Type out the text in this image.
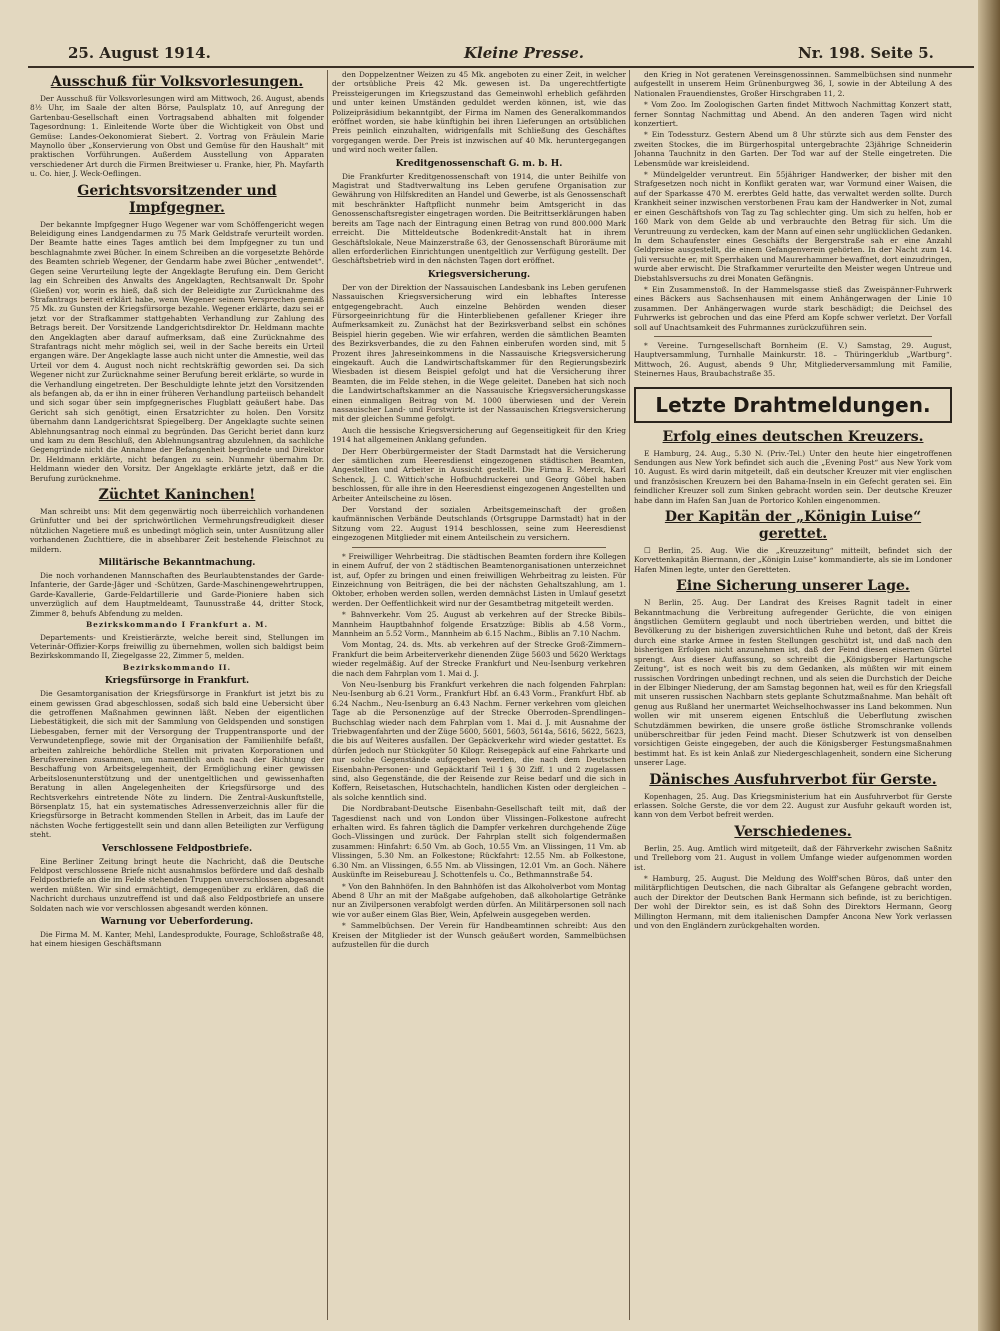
25. August 1914.	Kleine Presse.	Nr. 198. Seite 5.
Ausschuß für Volksvorlesungen.

Der Ausschuß für Volksvorlesungen wird am Mittwoch, 26. August, abends 8½ Uhr, im Saale der alten Börse, Paulsplatz 10, auf Anregung der Gartenbau-Gesellschaft einen Vortragsabend abhalten mit folgender Tagesordnung: 1. Einleitende Worte über die Wichtigkeit von Obst und Gemüse: Landes-Oekonomierat Siebert. 2. Vortrag von Fräulein Marie Maynollo über „Konservierung von Obst und Gemüse für den Haushalt“ mit praktischen Vorführungen. Außerdem Ausstellung von Apparaten verschiedener Art durch die Firmen Breitwieser u. Franke, hier, Ph. Mayfarth u. Co. hier, J. Weck-Oeflingen.

Gerichtsvorsitzender und Impfgegner.

Der bekannte Impfgegner Hugo Wegener war vom Schöffengericht wegen Beleidigung eines Landgendarmen zu 75 Mark Geldstrafe verurteilt worden. Der Beamte hatte eines Tages amtlich bei dem Impfgegner zu tun und beschlagnahmte zwei Bücher. In einem Schreiben an die vorgesetzte Behörde des Beamten schrieb Wegener, der Gendarm habe zwei Bücher „entwendet“. Gegen seine Verurteilung legte der Angeklagte Berufung ein. Dem Gericht lag ein Schreiben des Anwalts des Angeklagten, Rechtsanwalt Dr. Spohr (Gießen) vor, worin es hieß, daß sich der Beleidigte zur Zurücknahme des Strafantrags bereit erklärt habe, wenn Wegener seinem Versprechen gemäß 75 Mk. zu Gunsten der Kriegsfürsorge bezahle. Wegener erklärte, dazu sei er jetzt vor der Strafkammer stattgehabten Verhandlung zur Zahlung des Betrags bereit. Der Vorsitzende Landgerichtsdirektor Dr. Heldmann machte den Angeklagten aber darauf aufmerksam, daß eine Zurücknahme des Strafantrags nicht mehr möglich sei, weil in der Sache bereits ein Urteil ergangen wäre. Der Angeklagte lasse auch nicht unter die Amnestie, weil das Urteil vor dem 4. August noch nicht rechtskräftig geworden sei. Da sich Wegener nicht zur Zurücknahme seiner Berufung bereit erklärte, so wurde in die Verhandlung eingetreten. Der Beschuldigte lehnte jetzt den Vorsitzenden als befangen ab, da er ihn in einer früheren Verhandlung parteiisch behandelt und sich sogar über sein impfgegnerisches Flugblatt geäußert habe. Das Gericht sah sich genötigt, einen Ersatzrichter zu holen. Den Vorsitz übernahm dann Landgerichtsrat Spiegelberg. Der Angeklagte suchte seinen Ablehnungsantrag noch einmal zu begründen. Das Gericht beriet dann kurz und kam zu dem Beschluß, den Ablehnungsantrag abzulehnen, da sachliche Gegengründe nicht die Annahme der Befangenheit begründete und Direktor Dr. Heldmann erklärte, nicht befangen zu sein. Nunmehr übernahm Dr. Heldmann wieder den Vorsitz. Der Angeklagte erklärte jetzt, daß er die Berufung zurücknehme.

Züchtet Kaninchen!

Man schreibt uns: Mit dem gegenwärtig noch überreichlich vorhandenen Grünfutter und bei der sprichwörtlichen Vermehrungsfreudigkeit dieser nützlichen Nagetiere muß es unbedingt möglich sein, unter Ausnützung aller vorhandenen Zuchttiere, die in absehbarer Zeit bestehende Fleischnot zu mildern.

Militärische Bekanntmachung.

Die noch vorhandenen Mannschaften des Beurlaubtenstandes der Garde-Infanterie, der Garde-Jäger und -Schützen, Garde-Maschinengewehrtruppen, Garde-Kavallerie, Garde-Feldartillerie und Garde-Pioniere haben sich unverzüglich auf dem Hauptmeldeamt, Taunusstraße 44, dritter Stock, Zimmer 8, behufs Abfendung zu melden.

Bezirkskommando I Frankfurt a. M.

Departements- und Kreistierärzte, welche bereit sind, Stellungen im Veterinär-Offizier-Korps freiwillig zu übernehmen, wollen sich baldigst beim Bezirkskommando II, Ziegelgasse 22, Zimmer 5, melden.

Bezirkskommando II.

Kriegsfürsorge in Frankfurt.

Die Gesamtorganisation der Kriegsfürsorge in Frankfurt ist jetzt bis zu einem gewissen Grad abgeschlossen, sodaß sich bald eine Uebersicht über die getroffenen Maßnahmen gewinnen läßt. Neben der eigentlichen Liebestätigkeit, die sich mit der Sammlung von Geldspenden und sonstigen Liebesgaben, ferner mit der Versorgung der Truppentransporte und der Verwundetenpflege, sowie mit der Organisation der Familienhilfe befaßt, arbeiten zahlreiche behördliche Stellen mit privaten Korporationen und Berufsvereinen zusammen, um namentlich auch nach der Richtung der Beschaffung von Arbeitsgelegenheit, der Ermöglichung einer gewissen Arbeitslosenunterstützung und der unentgeltlichen und gewissenhaften Beratung in allen Angelegenheiten der Kriegsfürsorge und des Rechtsverkehrs eintretende Nöte zu lindern. Die Zentral-Auskunftstelle, Börsenplatz 15, hat ein systematisches Adressenverzeichnis aller für die Kriegsfürsorge in Betracht kommenden Stellen in Arbeit, das im Laufe der nächsten Woche fertiggestellt sein und dann allen Beteiligten zur Verfügung steht.

Verschlossene Feldpostbriefe.

Eine Berliner Zeitung bringt heute die Nachricht, daß die Deutsche Feldpost verschlossene Briefe nicht ausnahmslos befördere und daß deshalb Feldpostbriefe an die im Felde stehenden Truppen unverschlossen abgesandt werden müßten. Wir sind ermächtigt, demgegenüber zu erklären, daß die Nachricht durchaus unzutreffend ist und daß also Feldpostbriefe an unsere Soldaten nach wie vor verschlossen abgesandt werden können.

Warnung vor Ueberforderung.

Die Firma M. M. Kanter, Mehl, Landesprodukte, Fourage, Schloßstraße 48, hat einem hiesigen Geschäftsmann

den Doppelzentner Weizen zu 45 Mk. angeboten zu einer Zeit, in welcher der ortsübliche Preis 42 Mk. gewesen ist. Da ungerechtfertigte Preissteigerungen im Kriegszustand das Gemeinwohl erheblich gefährden und unter keinen Umständen geduldet werden können, ist, wie das Polizeipräsidium bekanntgibt, der Firma im Namen des Generalkommandos eröffnet worden, sie habe künftighin bei ihren Lieferungen an ortsüblichen Preis peinlich einzuhalten, widrigenfalls mit Schließung des Geschäftes vorgegangen werde. Der Preis ist inzwischen auf 40 Mk. heruntergegangen und wird noch weiter fallen.

Kreditgenossenschaft G. m. b. H.

Die Frankfurter Kreditgenossenschaft von 1914, die unter Beihilfe von Magistrat und Stadtverwaltung ins Leben gerufene Organisation zur Gewährung von Hilfskrediten an Handel und Gewerbe, ist als Genossenschaft mit beschränkter Haftpflicht nunmehr beim Amtsgericht in das Genossenschaftsregister eingetragen worden. Die Beitrittserklärungen haben bereits am Tage nach der Eintragung einen Betrag von rund 800.000 Mark erreicht. Die Mitteldeutsche Bodenkredit-Anstalt hat in ihrem Geschäftslokale, Neue Mainzerstraße 63, der Genossenschaft Büroräume mit allen erforderlichen Einrichtungen unentgeltlich zur Verfügung gestellt. Der Geschäftsbetrieb wird in den nächsten Tagen dort eröffnet.

Kriegsversicherung.

Der von der Direktion der Nassauischen Landesbank ins Leben gerufenen Nassauischen Kriegsversicherung wird ein lebhaftes Interesse entgegengebracht. Auch einzelne Behörden wenden dieser Fürsorgeeinrichtung für die Hinterbliebenen gefallener Krieger ihre Aufmerksamkeit zu. Zunächst hat der Bezirksverband selbst ein schönes Beispiel hierin gegeben. Wie wir erfahren, werden die sämtlichen Beamten des Bezirksverbandes, die zu den Fahnen einberufen worden sind, mit 5 Prozent ihres Jahreseinkommens in die Nassauische Kriegsversicherung eingekauft. Auch die Landwirtschaftskammer für den Regierungsbezirk Wiesbaden ist diesem Beispiel gefolgt und hat die Versicherung ihrer Beamten, die im Felde stehen, in die Wege geleitet. Daneben hat sich noch die Landwirtschaftskammer an die Nassauische Kriegsversicherungskasse einen einmaligen Beitrag von M. 1000 überwiesen und der Verein nassauischer Land- und Forstwirte ist der Nassauischen Kriegsversicherung mit der gleichen Summe gefolgt.

Auch die hessische Kriegsversicherung auf Gegenseitigkeit für den Krieg 1914 hat allgemeinen Anklang gefunden.

Der Herr Oberbürgermeister der Stadt Darmstadt hat die Versicherung der sämtlichen zum Heeresdienst eingezogenen städtischen Beamten, Angestellten und Arbeiter in Aussicht gestellt. Die Firma E. Merck, Karl Schenck, J. C. Wittich'sche Hofbuchdruckerei und Georg Göbel haben beschlossen, für alle ihre in den Heeresdienst eingezogenen Angestellten und Arbeiter Anteilscheine zu lösen.

Der Vorstand der sozialen Arbeitsgemeinschaft der großen kaufmännischen Verbände Deutschlands (Ortsgruppe Darmstadt) hat in der Sitzung vom 22. August 1914 beschlossen, seine zum Heeresdienst eingezogenen Mitglieder mit einem Anteilschein zu versichern.

* Freiwilliger Wehrbeitrag. Die städtischen Beamten fordern ihre Kollegen in einem Aufruf, der von 2 städtischen Beamtenorganisationen unterzeichnet ist, auf, Opfer zu bringen und einen freiwilligen Wehrbeitrag zu leisten. Für Einzeichnung von Beiträgen, die bei der nächsten Gehaltszahlung, am 1. Oktober, erhoben werden sollen, werden demnächst Listen in Umlauf gesetzt werden. Der Oeffentlichkeit wird nur der Gesamtbetrag mitgeteilt werden.

* Bahnverkehr. Vom 25. August ab verkehren auf der Strecke Bibils–Mannheim Hauptbahnhof folgende Ersatzzüge: Biblis ab 4.58 Vorm., Mannheim an 5.52 Vorm., Mannheim ab 6.15 Nachm., Biblis an 7.10 Nachm.

Vom Montag, 24. ds. Mts. ab verkehren auf der Strecke Groß-Zimmern–Frankfurt die beim Arbeiterverkehr dienenden Züge 5603 und 5620 Werktags wieder regelmäßig. Auf der Strecke Frankfurt und Neu-Isenburg verkehren die nach dem Fahrplan vom 1. Mai d. J.

Von Neu-Isenburg bis Frankfurt verkehren die nach folgenden Fahrplan: Neu-Isenburg ab 6.21 Vorm., Frankfurt Hbf. an 6.43 Vorm., Frankfurt Hbf. ab 6.24 Nachm., Neu-Isenburg an 6.43 Nachm. Ferner verkehren vom gleichen Tage ab die Personenzüge auf der Strecke Oberroden–Sprendlingen–Buchschlag wieder nach dem Fahrplan vom 1. Mai d. J. mit Ausnahme der Triebwagenfahrten und der Züge 5600, 5601, 5603, 5614a, 5616, 5622, 5623, die bis auf Weiteres ausfallen. Der Gepäckverkehr wird wieder gestattet. Es dürfen jedoch nur Stückgüter 50 Kilogr. Reisegepäck auf eine Fahrkarte und nur solche Gegenstände aufgegeben werden, die nach dem Deutschen Eisenbahn-Personen- und Gepäcktarif Teil 1 § 30 Ziff. 1 und 2 zugelassen sind, also Gegenstände, die der Reisende zur Reise bedarf und die sich in Koffern, Reisetaschen, Hutschachteln, handlichen Kisten oder dergleichen – als solche kenntlich sind.

Die Nordbrabant-Deutsche Eisenbahn-Gesellschaft teilt mit, daß der Tagesdienst nach und von London über Vlissingen–Folkestone aufrecht erhalten wird. Es fahren täglich die Dampfer verkehren durchgehende Züge Goch–Vlissingen und zurück. Der Fahrplan stellt sich folgendermaßen zusammen: Hinfahrt: 6.50 Vm. ab Goch, 10.55 Vm. an Vlissingen, 11 Vm. ab Vlissingen, 5.30 Nm. an Folkestone; Rückfahrt: 12.55 Nm. ab Folkestone, 6.30 Nm. an Vlissingen, 6.55 Nm. ab Vlissingen, 12.01 Vm. an Goch. Nähere Auskünfte im Reisebureau J. Schottenfels u. Co., Bethmannstraße 54.

* Von den Bahnhöfen. In den Bahnhöfen ist das Alkoholverbot vom Montag Abend 8 Uhr an mit der Maßgabe aufgehoben, daß alkoholartige Getränke nur an Zivilpersonen verabfolgt werden dürfen. An Militärpersonen soll nach wie vor außer einem Glas Bier, Wein, Apfelwein ausgegeben werden.

* Sammelbüchsen. Der Verein für Handbeamtinnen schreibt: Aus den Kreisen der Mitglieder ist der Wunsch geäußert worden, Sammelbüchsen aufzustellen für die durch

den Krieg in Not geratenen Vereinsgenossinnen. Sammelbüchsen sind nunmehr aufgestellt in unserem Heim Grünenburgweg 36, I, sowie in der Abteilung A des Nationalen Frauendienstes, Großer Hirschgraben 11, 2.

* Vom Zoo. Im Zoologischen Garten findet Mittwoch Nachmittag Konzert statt, ferner Sonntag Nachmittag und Abend. An den anderen Tagen wird nicht konzertiert.

* Ein Todessturz. Gestern Abend um 8 Uhr stürzte sich aus dem Fenster des zweiten Stockes, die im Bürgerhospital untergebrachte 23jährige Schneiderin Johanna Tauchnitz in den Garten. Der Tod war auf der Stelle eingetreten. Die Lebensmüde war kreisleidend.

* Mündelgelder veruntreut. Ein 55jähriger Handwerker, der bisher mit den Strafgesetzen noch nicht in Konflikt geraten war, war Vormund einer Waisen, die auf der Sparkasse 470 M. ererbtes Geld hatte, das verwaltet werden sollte. Durch Krankheit seiner inzwischen verstorbenen Frau kam der Handwerker in Not, zumal er einen Geschäftshofs von Tag zu Tag schlechter ging. Um sich zu helfen, hob er 160 Mark von dem Gelde ab und verbrauchte den Betrag für sich. Um die Veruntreuung zu verdecken, kam der Mann auf einen sehr unglücklichen Gedanken. In dem Schaufenster eines Geschäfts der Bergerstraße sah er eine Anzahl Geldpreise ausgestellt, die einem Gefangenverein gehörten. In der Nacht zum 14. Juli versuchte er, mit Sperrhaken und Maurerhammer bewaffnet, dort einzudringen, wurde aber erwischt. Die Strafkammer verurteilte den Meister wegen Untreue und Diebstahlsversuchs zu drei Monaten Gefängnis.

* Ein Zusammenstoß. In der Hammelsgasse stieß das Zweispänner-Fuhrwerk eines Bäckers aus Sachsenhausen mit einem Anhängerwagen der Linie 10 zusammen. Der Anhängerwagen wurde stark beschädigt; die Deichsel des Fuhrwerks ist gebrochen und das eine Pferd am Kopfe schwer verletzt. Der Vorfall soll auf Unachtsamkeit des Fuhrmannes zurückzuführen sein.

* Vereine. Turngesellschaft Bornheim (E. V.) Samstag, 29. August, Hauptversammlung, Turnhalle Mainkurstr. 18. – Thüringerklub „Wartburg“. Mittwoch, 26. August, abends 9 Uhr, Mitgliederversammlung mit Familie, Steinernes Haus, Braubachstraße 35.

Letzte Drahtmeldungen.
Erfolg eines deutschen Kreuzers.

E Hamburg, 24. Aug., 5.30 N. (Priv.-Tel.) Unter den heute hier eingetroffenen Sendungen aus New York befindet sich auch die „Evening Post“ aus New York vom 10. August. Es wird darin mitgeteilt, daß ein deutscher Kreuzer mit vier englischen und französischen Kreuzern bei den Bahama-Inseln in ein Gefecht geraten sei. Ein feindlicher Kreuzer soll zum Sinken gebracht worden sein. Der deutsche Kreuzer habe dann im Hafen San Juan de Portorico Kohlen eingenommen.

Der Kapitän der „Königin Luise“ gerettet.

☐ Berlin, 25. Aug. Wie die „Kreuzzeitung“ mitteilt, befindet sich der Korvettenkapitän Biermann, der „Königin Luise“ kommandierte, als sie im Londoner Hafen Minen legte, unter den Geretteten.

Eine Sicherung unserer Lage.

N Berlin, 25. Aug. Der Landrat des Kreises Ragnit tadelt in einer Bekanntmachung die Verbreitung aufregender Gerüchte, die von einigen ängstlichen Gemütern geglaubt und noch übertrieben werden, und bittet die Bevölkerung zu der bisherigen zuversichtlichen Ruhe und betont, daß der Kreis durch eine starke Armee in festen Stellungen geschützt ist, und daß nach den bisherigen Erfolgen nicht anzunehmen ist, daß der Feind diesen eisernen Gürtel sprengt. Aus dieser Auffassung, so schreibt die „Königsberger Hartungsche Zeitung“, ist es noch weit bis zu dem Gedanken, als müßten wir mit einem russischen Vordringen unbedingt rechnen, und als seien die Durchstich der Deiche in der Elbinger Niederung, der am Samstag begonnen hat, weil es für den Kriegsfall mit unseren russischen Nachbarn stets geplante Schutzmaßnahme. Man behält oft genug aus Rußland her unermartet Weichselhochwasser ins Land bekommen. Nun wollen wir mit unserem eigenen Entschluß die Ueberflutung zwischen Schutzdämmen bewirken, die unsere große östliche Stromschranke vollends unüberschreitbar für jeden Feind macht. Dieser Schutzwerk ist von denselben vorsichtigen Geiste eingegeben, der auch die Königsberger Festungsmaßnahmen bestimmt hat. Es ist kein Anlaß zur Niedergeschlagenheit, sondern eine Sicherung unserer Lage.

Dänisches Ausfuhrverbot für Gerste.

Kopenhagen, 25. Aug. Das Kriegsministerium hat ein Ausfuhrverbot für Gerste erlassen. Solche Gerste, die vor dem 22. August zur Ausfuhr gekauft worden ist, kann von dem Verbot befreit werden.

Verschiedenes.

Berlin, 25. Aug. Amtlich wird mitgeteilt, daß der Fährverkehr zwischen Saßnitz und Trelleborg vom 21. August in vollem Umfange wieder aufgenommen worden ist.

* Hamburg, 25. August. Die Meldung des Wolff'schen Büros, daß unter den militärpflichtigen Deutschen, die nach Gibraltar als Gefangene gebracht worden, auch der Direktor der Deutschen Bank Hermann sich befinde, ist zu berichtigen. Der wohl der Direktor sein, es ist daß Sohn des Direktors Hermann, Georg Millington Hermann, mit dem italienischen Dampfer Ancona New York verlassen und von den Engländern zurückgehalten worden.
